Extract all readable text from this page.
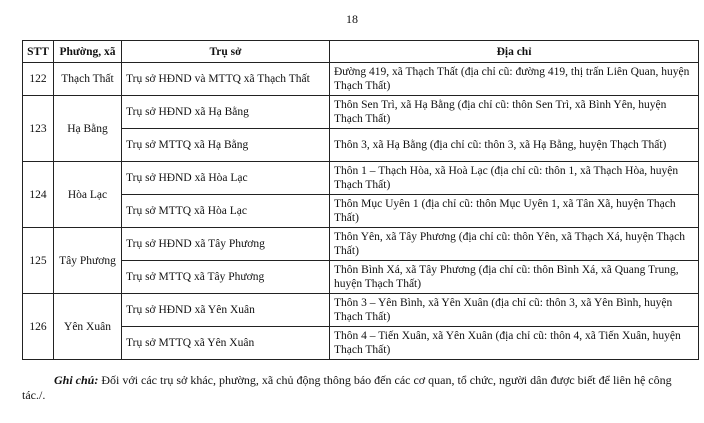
18
STT	Phường, xã	Trụ sở	Địa chỉ
122	Thạch Thất	Trụ sở HĐND và MTTQ xã Thạch Thất	Đường 419, xã Thạch Thất (địa chỉ cũ: đường 419, thị trấn Liên Quan, huyện Thạch Thất)
123	Hạ Bằng	Trụ sở HĐND xã Hạ Bằng	Thôn Sen Trì, xã Hạ Bằng (địa chỉ cũ: thôn Sen Trì, xã Bình Yên, huyện Thạch Thất)
		Trụ sở MTTQ xã Hạ Bằng	Thôn 3, xã Hạ Bằng (địa chỉ cũ: thôn 3, xã Hạ Bằng, huyện Thạch Thất)
124	Hòa Lạc	Trụ sở HĐND xã Hòa Lạc	Thôn 1 – Thạch Hòa, xã Hoà Lạc (địa chỉ cũ: thôn 1, xã Thạch Hòa, huyện Thạch Thất)
		Trụ sở MTTQ xã Hòa Lạc	Thôn Mục Uyên 1 (địa chỉ cũ: thôn Mục Uyên 1, xã Tân Xã, huyện Thạch Thất)
125	Tây Phương	Trụ sở HĐND xã Tây Phương	Thôn Yên, xã Tây Phương (địa chỉ cũ: thôn Yên, xã Thạch Xá, huyện Thạch Thất)
		Trụ sở MTTQ xã Tây Phương	Thôn Bình Xá, xã Tây Phương (địa chỉ cũ: thôn Bình Xá, xã Quang Trung, huyện Thạch Thất)
126	Yên Xuân	Trụ sở HĐND xã Yên Xuân	Thôn 3 – Yên Bình, xã Yên Xuân (địa chỉ cũ: thôn 3, xã Yên Bình, huyện Thạch Thất)
		Trụ sở MTTQ xã Yên Xuân	Thôn 4 – Tiến Xuân, xã Yên Xuân (địa chỉ cũ: thôn 4, xã Tiến Xuân, huyện Thạch Thất)
Ghi chú: Đối với các trụ sở khác, phường, xã chủ động thông báo đến các cơ quan, tổ chức, người dân được biết để liên hệ công tác./.
